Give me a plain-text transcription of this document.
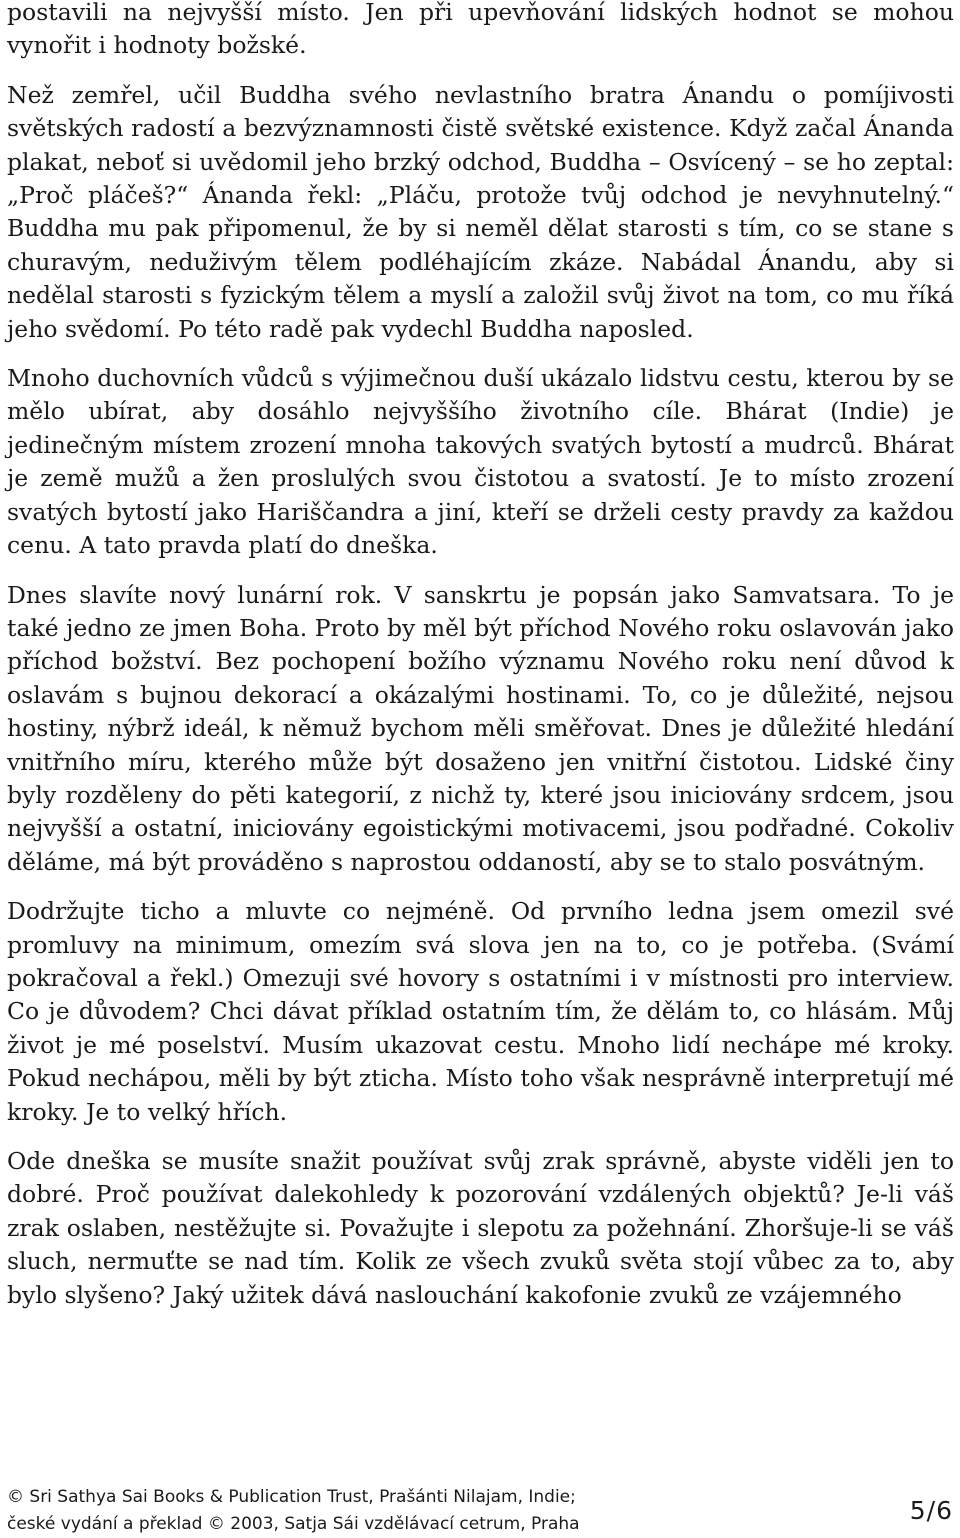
postavili na nejvyšší místo. Jen při upevňování lidských hodnot se mohou vynořit i hodnoty božské.

Než zemřel, učil Buddha svého nevlastního bratra Ánandu o pomíjivosti světských radostí a bezvýznamnosti čistě světské existence. Když začal Ánanda plakat, neboť si uvědomil jeho brzký odchod, Buddha – Osvícený – se ho zeptal: „Proč pláčeš?“ Ánanda řekl: „Pláču, protože tvůj odchod je nevyhnutelný.“ Buddha mu pak připomenul, že by si neměl dělat starosti s tím, co se stane s churavým, neduživým tělem podléhajícím zkáze. Nabádal Ánandu, aby si nedělal starosti s fyzickým tělem a myslí a založil svůj život na tom, co mu říká jeho svědomí. Po této radě pak vydechl Buddha naposled.

Mnoho duchovních vůdců s výjimečnou duší ukázalo lidstvu cestu, kterou by se mělo ubírat, aby dosáhlo nejvyššího životního cíle. Bhárat (Indie) je jedinečným místem zrození mnoha takových svatých bytostí a mudrců. Bhárat je země mužů a žen proslulých svou čistotou a svatostí. Je to místo zrození svatých bytostí jako Hariščandra a jiní, kteří se drželi cesty pravdy za každou cenu. A tato pravda platí do dneška.

Dnes slavíte nový lunární rok. V sanskrtu je popsán jako Samvatsara. To je také jedno ze jmen Boha. Proto by měl být příchod Nového roku oslavován jako příchod božství. Bez pochopení božího významu Nového roku není důvod k oslavám s bujnou dekorací a okázalými hostinami. To, co je důležité, nejsou hostiny, nýbrž ideál, k němuž bychom měli směřovat. Dnes je důležité hledání vnitřního míru, kterého může být dosaženo jen vnitřní čistotou. Lidské činy byly rozděleny do pěti kategorií, z nichž ty, které jsou iniciovány srdcem, jsou nejvyšší a ostatní, iniciovány egoistickými motivacemi, jsou podřadné. Cokoliv děláme, má být prováděno s naprostou oddaností, aby se to stalo posvátným.

Dodržujte ticho a mluvte co nejméně. Od prvního ledna jsem omezil své promluvy na minimum, omezím svá slova jen na to, co je potřeba. (Svámí pokračoval a řekl.) Omezuji své hovory s ostatními i v místnosti pro interview. Co je důvodem? Chci dávat příklad ostatním tím, že dělám to, co hlásám. Můj život je mé poselství. Musím ukazovat cestu. Mnoho lidí nechápe mé kroky. Pokud nechápou, měli by být zticha. Místo toho však nesprávně interpretují mé kroky. Je to velký hřích.

Ode dneška se musíte snažit používat svůj zrak správně, abyste viděli jen to dobré. Proč používat dalekohledy k pozorování vzdálených objektů? Je-li váš zrak oslaben, nestěžujte si. Považujte i slepotu za požehnání. Zhoršuje-li se váš sluch, nermuťte se nad tím. Kolik ze všech zvuků světa stojí vůbec za to, aby bylo slyšeno? Jaký užitek dává naslouchání kakofonie zvuků ze vzájemného

© Sri Sathya Sai Books & Publication Trust, Prašánti Nilajam, Indie;
české vydání a překlad © 2003, Satja Sái vzdělávací cetrum, Praha	5/6
